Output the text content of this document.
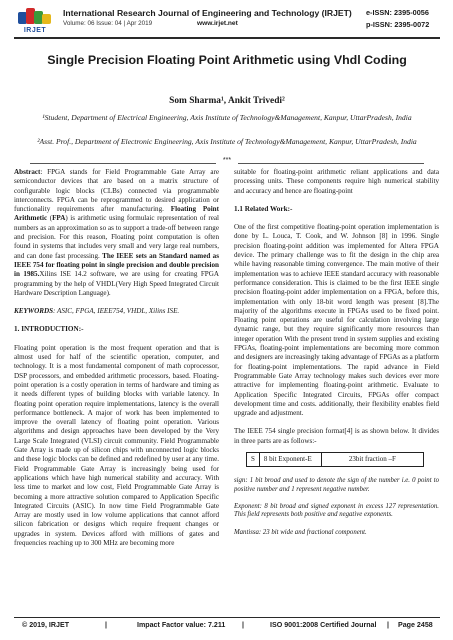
IRJET
International Research Journal of Engineering and Technology (IRJET)
Volume: 06 Issue: 04 | Apr 2019	www.irjet.net
e-ISSN: 2395-0056
p-ISSN: 2395-0072
Single Precision Floating Point Arithmetic using Vhdl Coding
Som Sharma¹, Ankit Trivedi²
¹Student, Department of Electrical Engineering, Axis Institute of Technology&Management, Kanpur, UttarPradesh, India
²Asst. Prof., Department of Electronic Engineering, Axis Institute of Technology&Management, Kanpur, UttarPradesh, India
***

Abstract: FPGA stands for Field Programmable Gate Array are semiconductor devices that are based on a matrix structure of configurable logic blocks (CLBs) connected via programmable interconnects. FPGA can be reprogrammed to desired application or functionality requirements after manufacturing. Floating Point Arithmetic (FPA) is arithmetic using formulaic representation of real numbers as an approximation so as to support a trade-off between range and precision. For this reason, Floating point computation is often found in systems that includes very small and very large real numbers, and can done fast processing. The IEEE sets an Standard named as IEEE 754 for floating point in single precision and double precision in 1985.Xilins ISE 14.2 software, we are using for creating FPGA programming by the help of VHDL(Very High Speed Integrated Circuit Hardware Description Language).

KEYWORDS: ASIC, FPGA, IEEE754, VHDL, Xilins ISE.

1. INTRODUCTION:-

Floating point operation is the most frequent operation and that is almost used for half of the scientific operation, computer, and technology. It is a most fundamental component of math coprocessor, DSP processors, and embedded arithmetic processors, based. Floating-point operation is a costly operation in terms of hardware and timing as it needs different types of building blocks with variable latency. In floating point operation require implementations, latency is the overall performance bottleneck. A major of work has been implemented to improve the overall latency of floating point operation. Various algorithms and design approaches have been developed by the Very Large Scale Integrated (VLSI) circuit community. Field Programmable Gate Array is made up of silicon chips with unconnected logic blocks and these logic blocks can be defined and redefined by user at any time. Field Programmable Gate Array is increasingly being used for applications which have high numerical stability and accuracy. With less time to market and low cost, Field Programmable Gate Array is becoming a more attractive solution compared to Application Specific Integrated Circuits (ASIC). In now time Field Programmable Gate Array are mostly used in low volume applications that cannot afford silicon fabrication or designs which require frequent changes or upgrades in system. Devices afford with millions of gates and frequencies reaching up to 300 MHz are becoming more

suitable for floating-point arithmetic reliant applications and data processing units. These components require high numerical stability and accuracy and hence are floating-point

1.1 Related Work:-

One of the first competitive floating-point operation implementation is done by L. Louca, T. Cook, and W. Johnson [8] in 1996. Single precision floating-point addition was implemented for Altera FPGA device. The primary challenge was to fit the design in the chip area while having reasonable timing convergence. The main motive of their implementation was to achieve IEEE standard accuracy with reasonable performance consideration. This is claimed to be the first IEEE single precision floating-point adder implementation on a FPGA, before this, implementation with only 18-bit word length was present [8].The majority of the algorithms execute in FPGAs used to be fixed point. Floating point operations are useful for calculation involving large dynamic range, but they require significantly more resources than integer operation With the present trend in system supplies and existing FPGAs, floating-point implementations are becoming more common and designers are increasingly taking advantage of FPGAs as a platform for floating-point implementations. The rapid advance in Field Programmable Gate Array technology makes such devices ever more attractive for implementing floating-point arithmetic. Evaluate to Application Specific Integrated Circuits, FPGAs offer compact development time and costs. additionally, their flexibility enables field upgrade and adjustment.

The IEEE 754 single precision format[4] is as shown below. It divides in three parts are as follows:-

S	8 bit Exponent-E	23bit fraction –F

sign: 1 bit broad and used to denote the sign of the number i.e. 0 point to positive number and 1 represent negative number.

Exponent: 8 bit broad and signed exponent in excess 127 representation. This field represents both positive and negative exponents.

Mantissa: 23 bit wide and fractional component.

© 2019, IRJET	|	Impact Factor value: 7.211 |	ISO 9001:2008 Certified Journal | Page 2458
